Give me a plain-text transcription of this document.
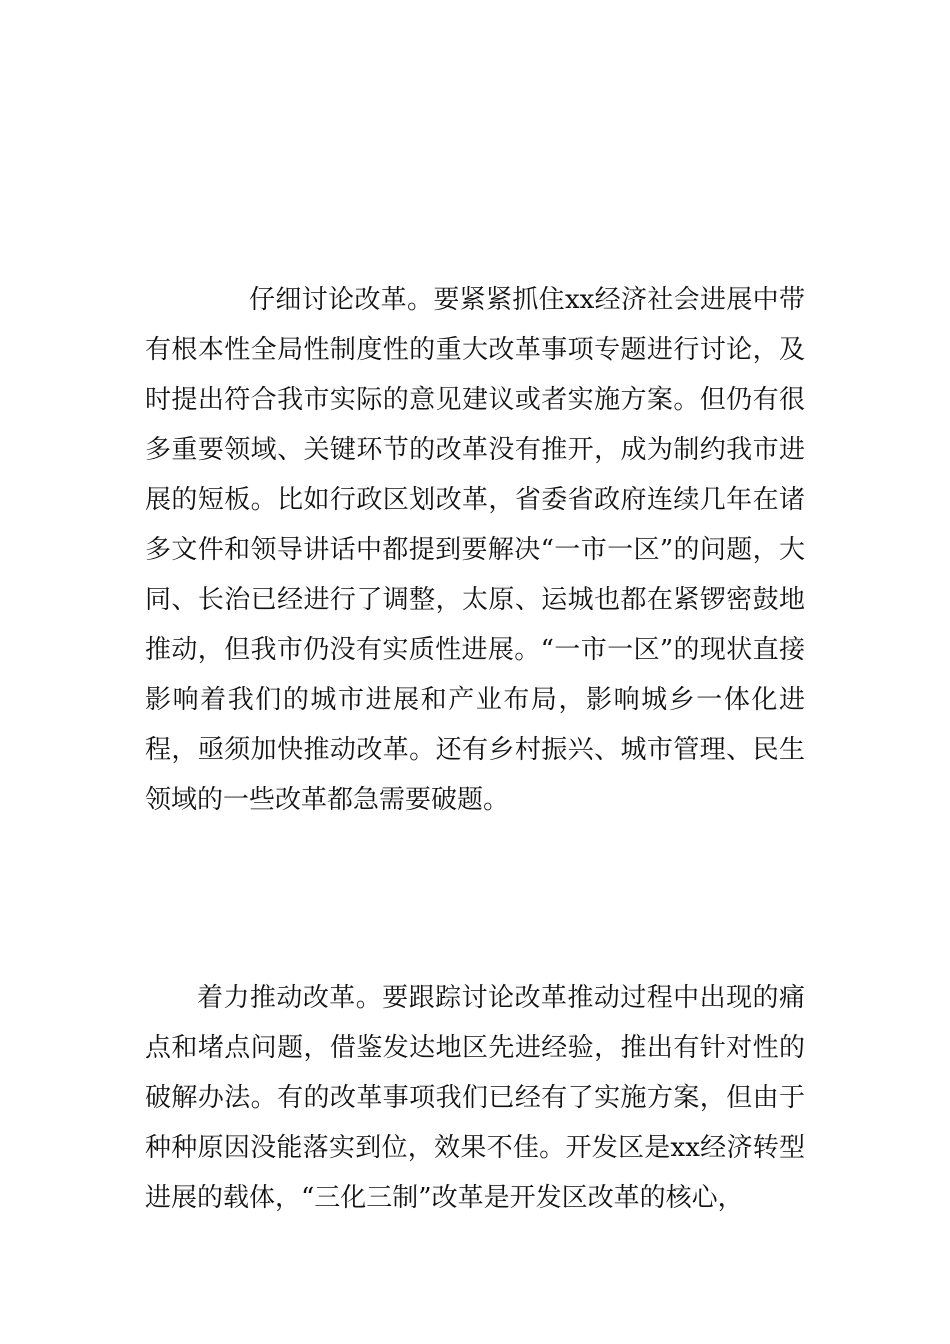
仔细讨论改革。要紧紧抓住xx经济社会进展中带有根本性全局性制度性的重大改革事项专题进行讨论，及时提出符合我市实际的意见建议或者实施方案。但仍有很多重要领域、关键环节的改革没有推开，成为制约我市进展的短板。比如行政区划改革，省委省政府连续几年在诸多文件和领导讲话中都提到要解决“一市一区”的问题，大同、长治已经进行了调整，太原、运城也都在紧锣密鼓地推动，但我市仍没有实质性进展。“一市一区”的现状直接影响着我们的城市进展和产业布局，影响城乡一体化进程，亟须加快推动改革。还有乡村振兴、城市管理、民生领域的一些改革都急需要破题。

着力推动改革。要跟踪讨论改革推动过程中出现的痛点和堵点问题，借鉴发达地区先进经验，推出有针对性的破解办法。有的改革事项我们已经有了实施方案，但由于种种原因没能落实到位，效果不佳。开发区是xx经济转型进展的载体，“三化三制”改革是开发区改革的核心，
